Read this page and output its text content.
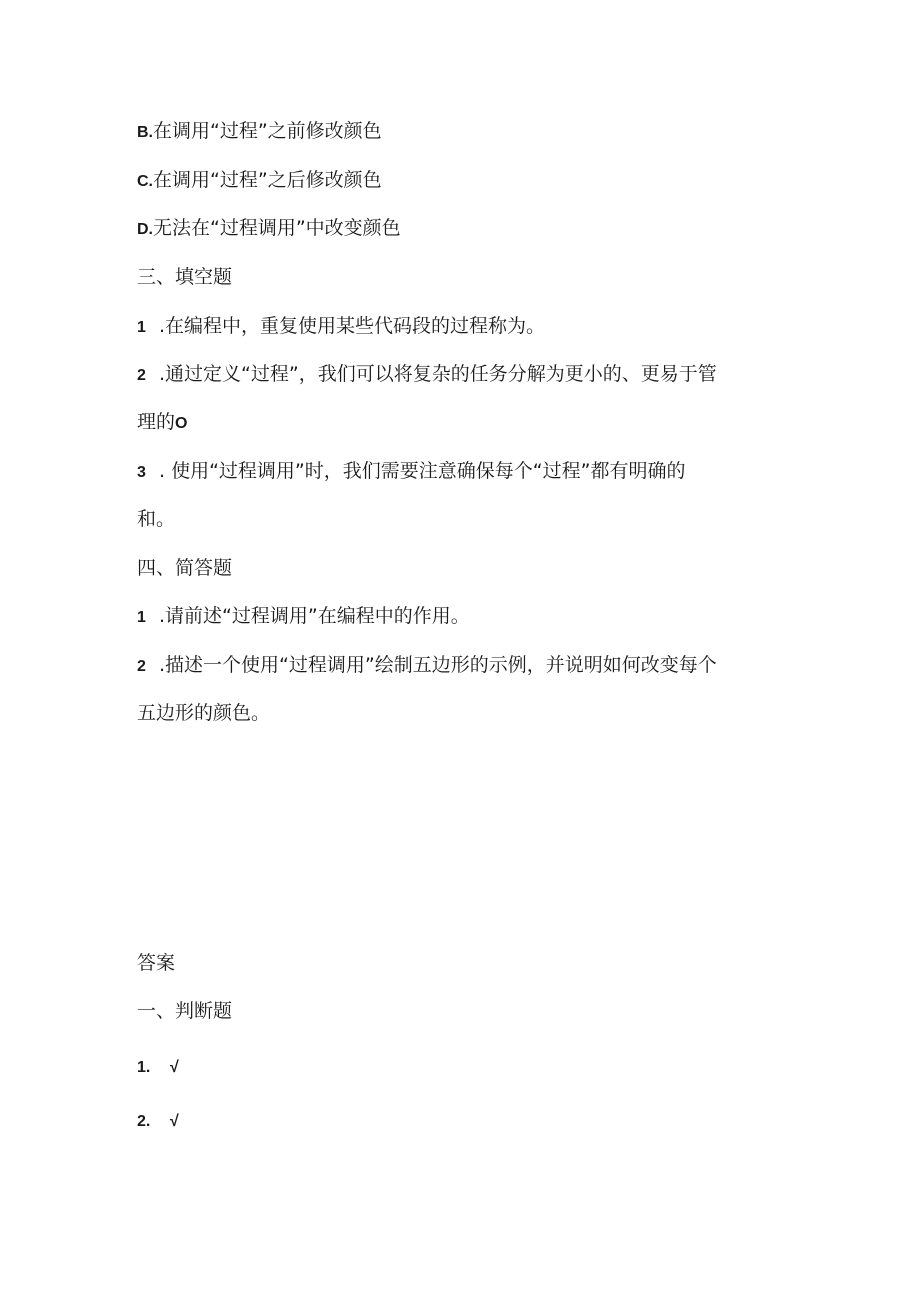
B.在调用“过程”之前修改颜色
C.在调用“过程”之后修改颜色
D.无法在“过程调用”中改变颜色
三、填空题
1 .在编程中，重复使用某些代码段的过程称为。
2 .通过定义“过程”，我们可以将复杂的任务分解为更小的、更易于管
理的O
3 . 使用“过程调用”时，我们需要注意确保每个“过程”都有明确的
和。
四、简答题
1 .请前述“过程调用”在编程中的作用。
2 .描述一个使用“过程调用”绘制五边形的示例，并说明如何改变每个
五边形的颜色。
答案
一、判断题
1. √
2. √
